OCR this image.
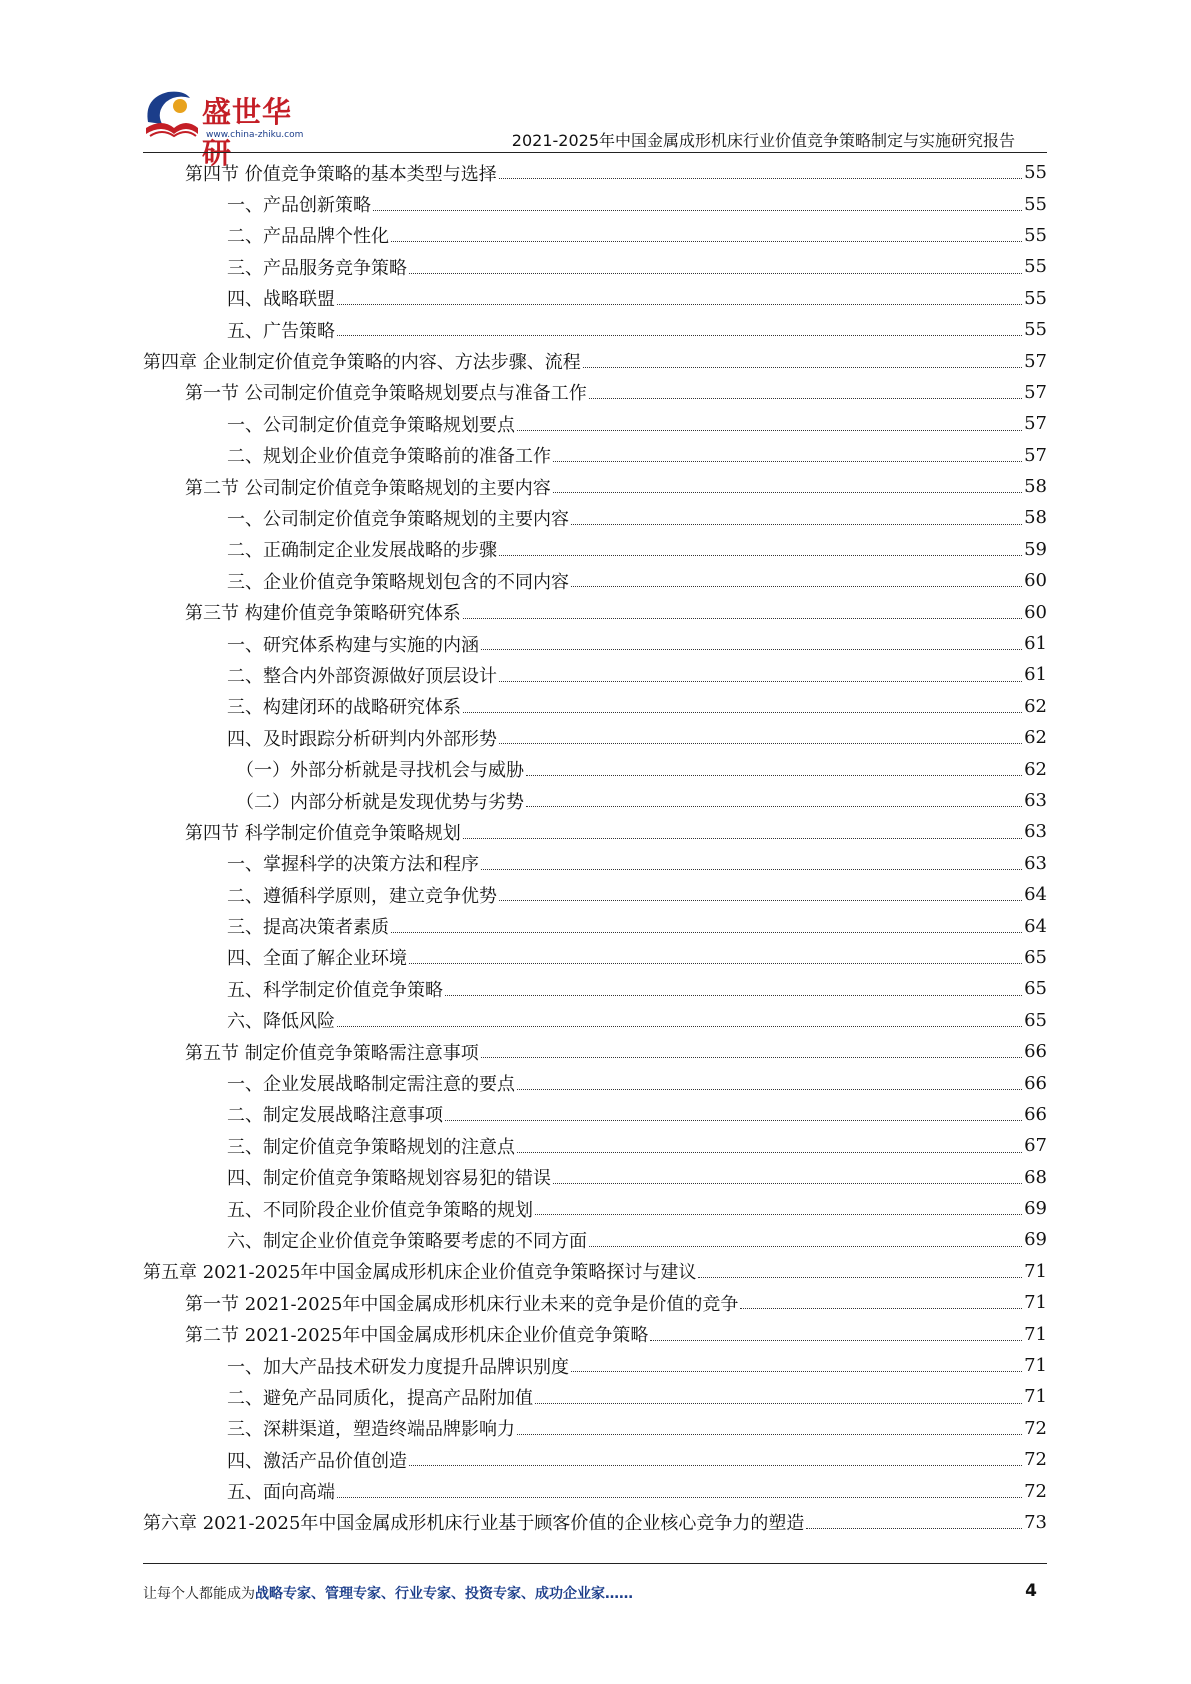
盛世华研
www.china-zhiku.com	2021-2025年中国金属成形机床行业价值竞争策略制定与实施研究报告
第四节 价值竞争策略的基本类型与选择	55
一、产品创新策略	55
二、产品品牌个性化	55
三、产品服务竞争策略	55
四、战略联盟	55
五、广告策略	55
第四章 企业制定价值竞争策略的内容、方法步骤、流程	57
第一节 公司制定价值竞争策略规划要点与准备工作	57
一、公司制定价值竞争策略规划要点	57
二、规划企业价值竞争策略前的准备工作	57
第二节 公司制定价值竞争策略规划的主要内容	58
一、公司制定价值竞争策略规划的主要内容	58
二、正确制定企业发展战略的步骤	59
三、企业价值竞争策略规划包含的不同内容	60
第三节 构建价值竞争策略研究体系	60
一、研究体系构建与实施的内涵	61
二、整合内外部资源做好顶层设计	61
三、构建闭环的战略研究体系	62
四、及时跟踪分析研判内外部形势	62
（一）外部分析就是寻找机会与威胁	62
（二）内部分析就是发现优势与劣势	63
第四节 科学制定价值竞争策略规划	63
一、掌握科学的决策方法和程序	63
二、遵循科学原则，建立竞争优势	64
三、提高决策者素质	64
四、全面了解企业环境	65
五、科学制定价值竞争策略	65
六、降低风险	65
第五节 制定价值竞争策略需注意事项	66
一、企业发展战略制定需注意的要点	66
二、制定发展战略注意事项	66
三、制定价值竞争策略规划的注意点	67
四、制定价值竞争策略规划容易犯的错误	68
五、不同阶段企业价值竞争策略的规划	69
六、制定企业价值竞争策略要考虑的不同方面	69
第五章 2021-2025年中国金属成形机床企业价值竞争策略探讨与建议	71
第一节 2021-2025年中国金属成形机床行业未来的竞争是价值的竞争	71
第二节 2021-2025年中国金属成形机床企业价值竞争策略	71
一、加大产品技术研发力度提升品牌识别度	71
二、避免产品同质化，提高产品附加值	71
三、深耕渠道，塑造终端品牌影响力	72
四、激活产品价值创造	72
五、面向高端	72
第六章 2021-2025年中国金属成形机床行业基于顾客价值的企业核心竞争力的塑造	73
让每个人都能成为战略专家、管理专家、行业专家、投资专家、成功企业家……	4
